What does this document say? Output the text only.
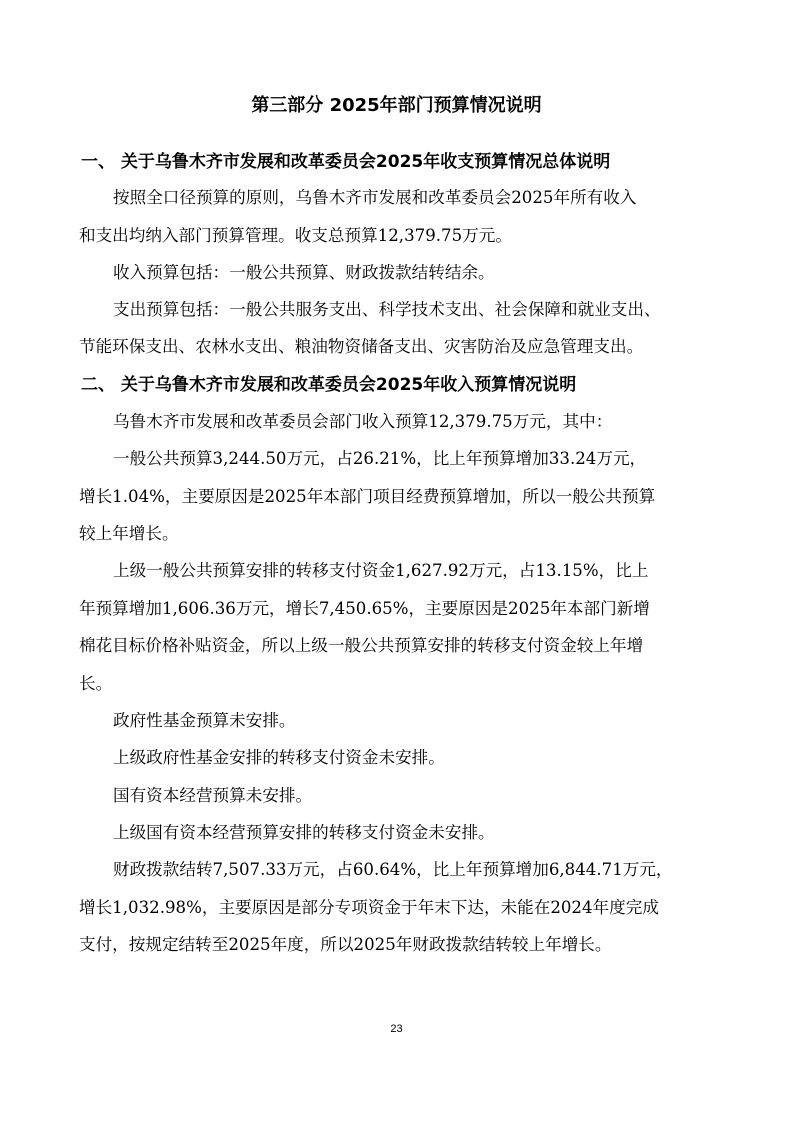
第三部分 2025年部门预算情况说明
一、 关于乌鲁木齐市发展和改革委员会2025年收支预算情况总体说明
按照全口径预算的原则，乌鲁木齐市发展和改革委员会2025年所有收入
和支出均纳入部门预算管理。收支总预算12,379.75万元。
收入预算包括：一般公共预算、财政拨款结转结余。
支出预算包括：一般公共服务支出、科学技术支出、社会保障和就业支出、
节能环保支出、农林水支出、粮油物资储备支出、灾害防治及应急管理支出。
二、 关于乌鲁木齐市发展和改革委员会2025年收入预算情况说明
乌鲁木齐市发展和改革委员会部门收入预算12,379.75万元，其中：
一般公共预算3,244.50万元，占26.21%，比上年预算增加33.24万元，
增长1.04%，主要原因是2025年本部门项目经费预算增加，所以一般公共预算
较上年增长。
上级一般公共预算安排的转移支付资金1,627.92万元，占13.15%，比上
年预算增加1,606.36万元，增长7,450.65%，主要原因是2025年本部门新增
棉花目标价格补贴资金，所以上级一般公共预算安排的转移支付资金较上年增
长。
政府性基金预算未安排。
上级政府性基金安排的转移支付资金未安排。
国有资本经营预算未安排。
上级国有资本经营预算安排的转移支付资金未安排。
财政拨款结转7,507.33万元，占60.64%，比上年预算增加6,844.71万元，
增长1,032.98%，主要原因是部分专项资金于年末下达，未能在2024年度完成
支付，按规定结转至2025年度，所以2025年财政拨款结转较上年增长。
23
